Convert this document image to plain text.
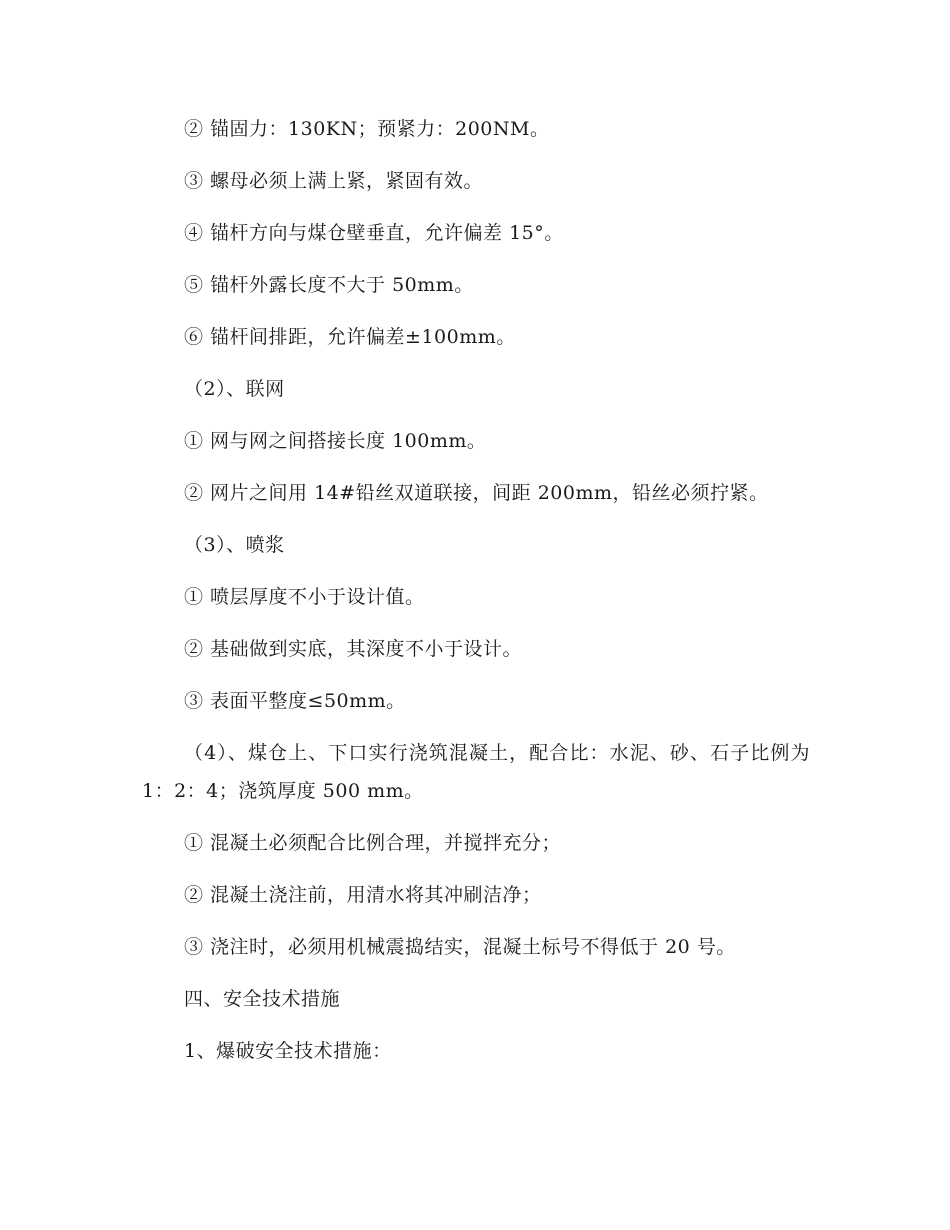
② 锚固力：130KN；预紧力：200NM。

③ 螺母必须上满上紧，紧固有效。

④ 锚杆方向与煤仓壁垂直，允许偏差 15°。

⑤ 锚杆外露长度不大于 50mm。

⑥ 锚杆间排距，允许偏差±100mm。

（2）、联网

① 网与网之间搭接长度 100mm。

② 网片之间用 14#铅丝双道联接，间距 200mm，铅丝必须拧紧。

（3）、喷浆

① 喷层厚度不小于设计值。

② 基础做到实底，其深度不小于设计。

③ 表面平整度≤50mm。

（4）、煤仓上、下口实行浇筑混凝土，配合比：水泥、砂、石子比例为 1：2：4；浇筑厚度 500 mm。

① 混凝土必须配合比例合理，并搅拌充分；

② 混凝土浇注前，用清水将其冲刷洁净；

③ 浇注时，必须用机械震捣结实，混凝土标号不得低于 20 号。

四、安全技术措施

1、爆破安全技术措施：
